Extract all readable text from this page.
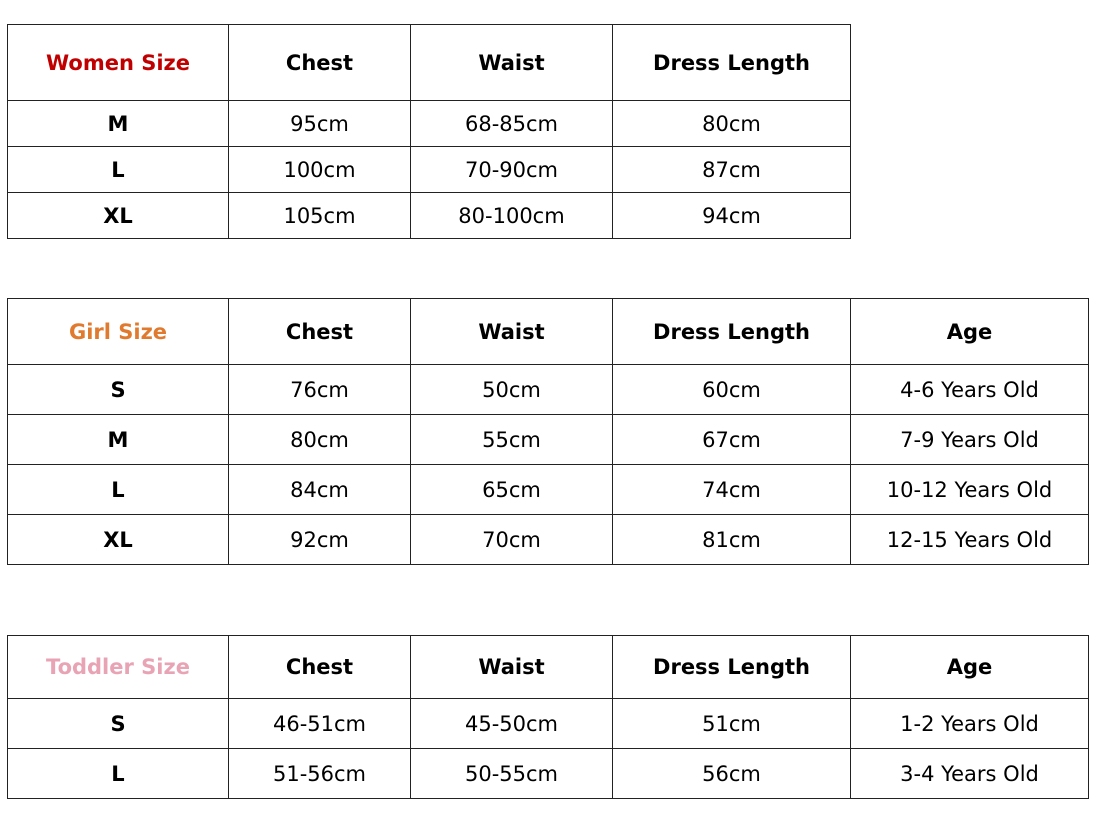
Women Size	Chest	Waist	Dress Length
M	95cm	68-85cm	80cm
L	100cm	70-90cm	87cm
XL	105cm	80-100cm	94cm
Girl Size	Chest	Waist	Dress Length	Age
S	76cm	50cm	60cm	4-6 Years Old
M	80cm	55cm	67cm	7-9 Years Old
L	84cm	65cm	74cm	10-12 Years Old
XL	92cm	70cm	81cm	12-15 Years Old
Toddler Size	Chest	Waist	Dress Length	Age
S	46-51cm	45-50cm	51cm	1-2 Years Old
L	51-56cm	50-55cm	56cm	3-4 Years Old
